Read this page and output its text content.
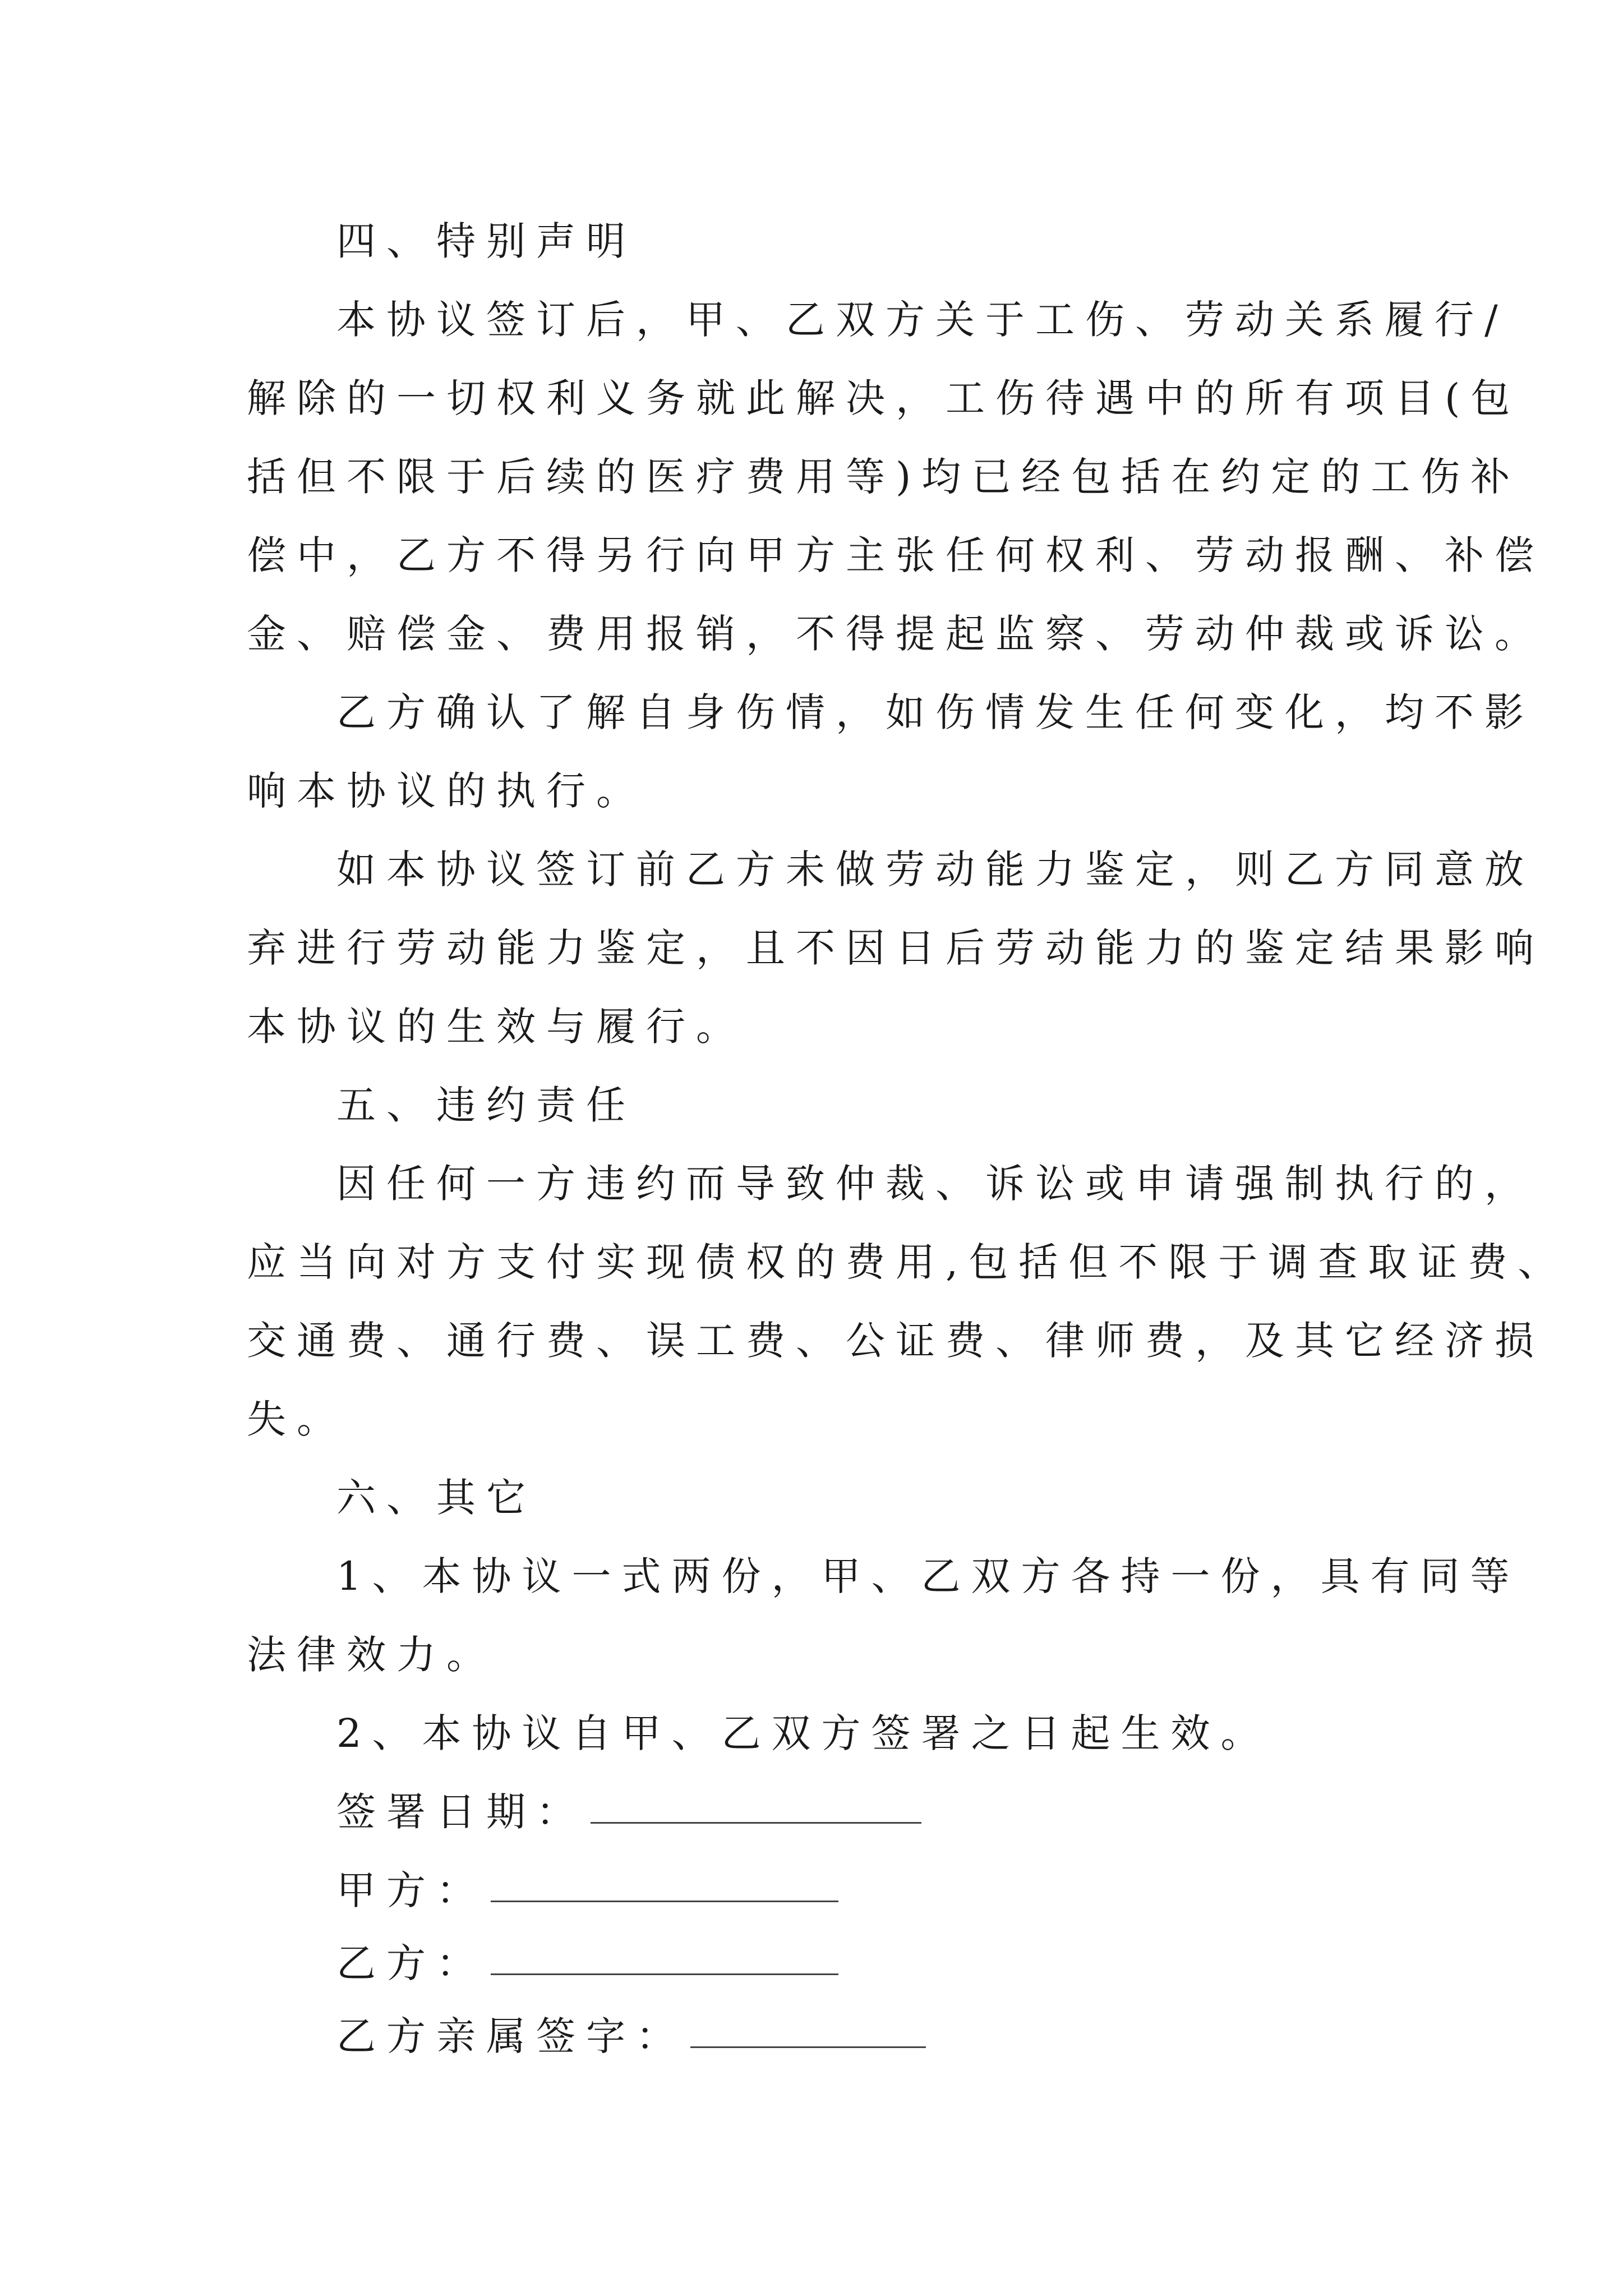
四、特别声明
本协议签订后，甲、乙双方关于工伤、劳动关系履行/
解除的一切权利义务就此解决，工伤待遇中的所有项目(包
括但不限于后续的医疗费用等)均已经包括在约定的工伤补
偿中，乙方不得另行向甲方主张任何权利、劳动报酬、补偿
金、赔偿金、费用报销，不得提起监察、劳动仲裁或诉讼。
乙方确认了解自身伤情，如伤情发生任何变化，均不影
响本协议的执行。
如本协议签订前乙方未做劳动能力鉴定，则乙方同意放
弃进行劳动能力鉴定，且不因日后劳动能力的鉴定结果影响
本协议的生效与履行。
五、违约责任
因任何一方违约而导致仲裁、诉讼或申请强制执行的，
应当向对方支付实现债权的费用,包括但不限于调查取证费、
交通费、通行费、误工费、公证费、律师费，及其它经济损
失。
六、其它
1、本协议一式两份，甲、乙双方各持一份，具有同等
法律效力。
2、本协议自甲、乙双方签署之日起生效。
签署日期：
甲方：
乙方：
乙方亲属签字：
